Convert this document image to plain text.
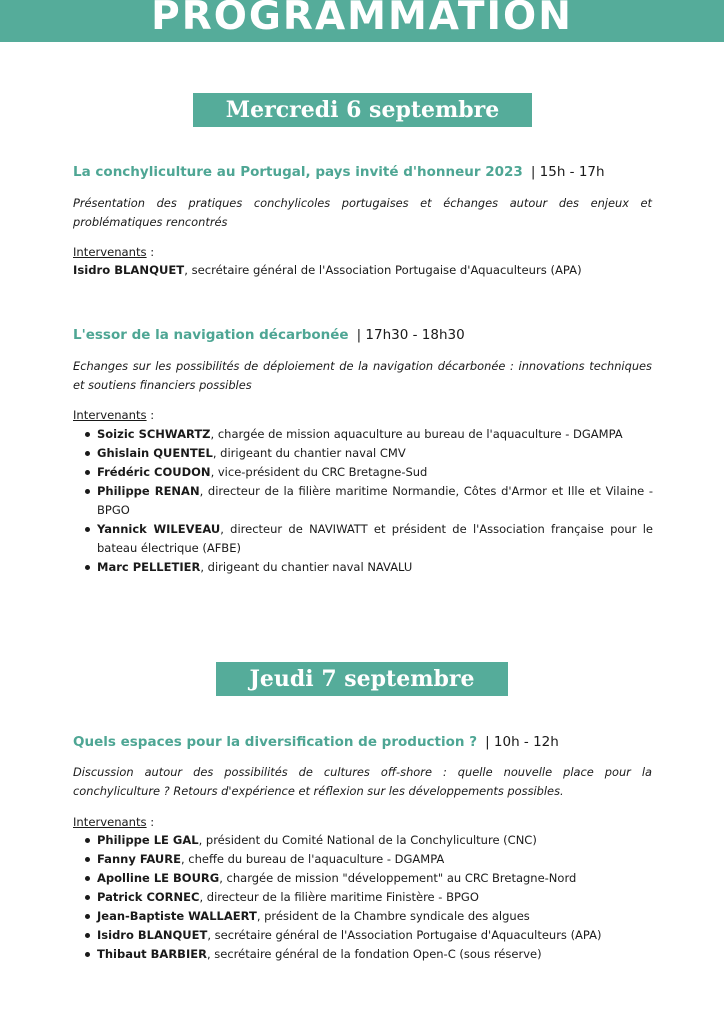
PROGRAMMATION
Mercredi 6 septembre 2023
La conchyliculture au Portugal, pays invité d'honneur 2023 | 15h - 17h
Présentation des pratiques conchylicoles portugaises et échanges autour des enjeux et problématiques rencontrés
Intervenants :
Isidro BLANQUET, secrétaire général de l'Association Portugaise d'Aquaculteurs (APA)
L'essor de la navigation décarbonée | 17h30 - 18h30
Echanges sur les possibilités de déploiement de la navigation décarbonée : innovations techniques et soutiens financiers possibles
Intervenants :
Soizic SCHWARTZ, chargée de mission aquaculture au bureau de l'aquaculture - DGAMPA
Ghislain QUENTEL, dirigeant du chantier naval CMV
Frédéric COUDON, vice-président du CRC Bretagne-Sud
Philippe RENAN, directeur de la filière maritime Normandie, Côtes d'Armor et Ille et Vilaine - BPGO
Yannick WILEVEAU, directeur de NAVIWATT et président de l'Association française pour le bateau électrique (AFBE)
Marc PELLETIER, dirigeant du chantier naval NAVALU
Jeudi 7 septembre 2023
Quels espaces pour la diversification de production ? | 10h - 12h
Discussion autour des possibilités de cultures off-shore : quelle nouvelle place pour la conchyliculture ? Retours d'expérience et réflexion sur les développements possibles.
Intervenants :
Philippe LE GAL, président du Comité National de la Conchyliculture (CNC)
Fanny FAURE, cheffe du bureau de l'aquaculture - DGAMPA
Apolline LE BOURG, chargée de mission "développement" au CRC Bretagne-Nord
Patrick CORNEC, directeur de la filière maritime Finistère - BPGO
Jean-Baptiste WALLAERT, président de la Chambre syndicale des algues
Isidro BLANQUET, secrétaire général de l'Association Portugaise d'Aquaculteurs (APA)
Thibaut BARBIER, secrétaire général de la fondation Open-C (sous réserve)
